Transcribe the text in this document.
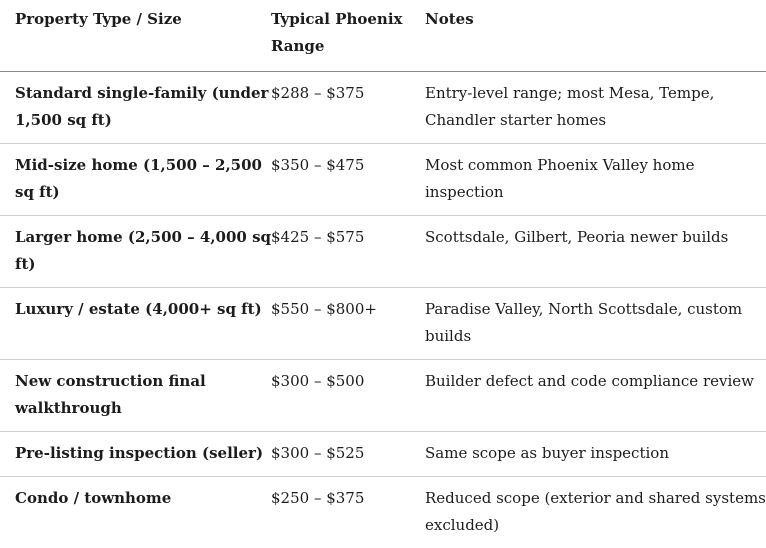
Property Type / Size	Typical Phoenix Range	Notes
Standard single-family (under 1,500 sq ft)	$288 – $375	Entry-level range; most Mesa, Tempe, Chandler starter homes
Mid-size home (1,500 – 2,500 sq ft)	$350 – $475	Most common Phoenix Valley home inspection
Larger home (2,500 – 4,000 sq ft)	$425 – $575	Scottsdale, Gilbert, Peoria newer builds
Luxury / estate (4,000+ sq ft)	$550 – $800+	Paradise Valley, North Scottsdale, custom builds
New construction final walkthrough	$300 – $500	Builder defect and code compliance review
Pre-listing inspection (seller)	$300 – $525	Same scope as buyer inspection
Condo / townhome	$250 – $375	Reduced scope (exterior and shared systems excluded)
